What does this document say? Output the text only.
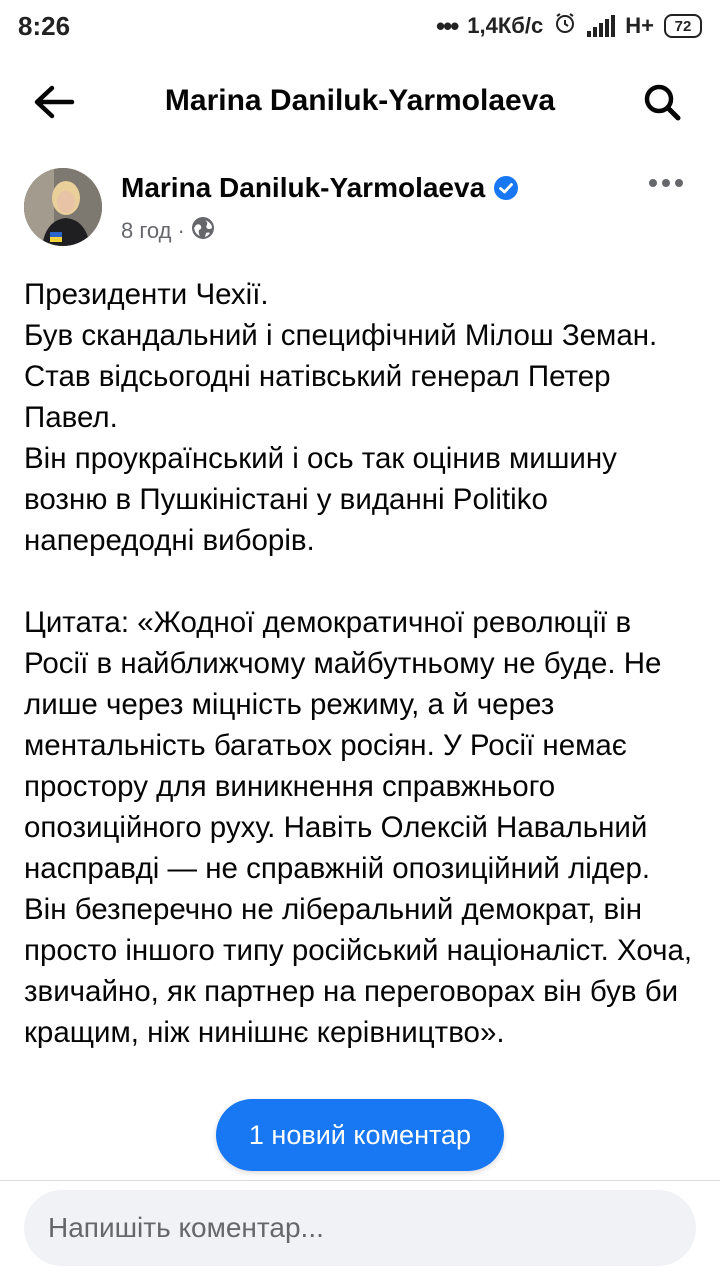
8:26	••• 1,4Кб/с	H+ 72
Marina Daniluk-Yarmolaeva
Marina Daniluk-Yarmolaeva
8 год ·
Президенти Чехії.
Був скандальний і специфічний Мілош Земан.
Став відсьогодні натівський генерал Петер Павел.
Він проукраїнський і ось так оцінив мишину возню в Пушкіністані у виданні Politiko напередодні виборів.

Цитата: «Жодної демократичної революції в Росії в найближчому майбутньому не буде. Не лише через міцність режиму, а й через ментальність багатьох росіян. У Росії немає простору для виникнення справжнього опозиційного руху. Навіть Олексій Навальний насправді — не справжній опозиційний лідер. Він безперечно не ліберальний демократ, він просто іншого типу російський націоналіст. Хоча, звичайно, як партнер на переговорах він був би кращим, ніж нинішнє керівництво».
1 новий коментар
Напишіть коментар...
